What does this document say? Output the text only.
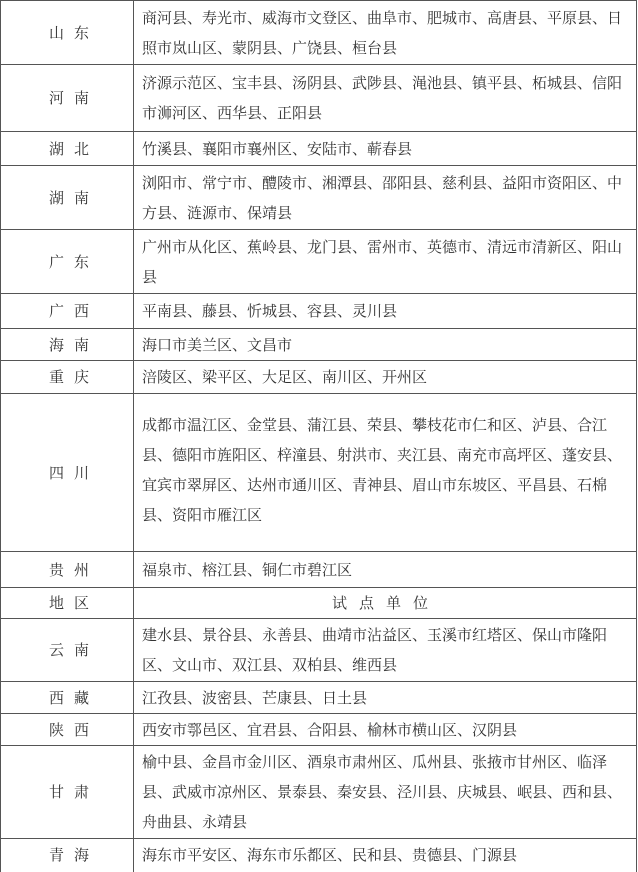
山东	商河县、寿光市、威海市文登区、曲阜市、肥城市、高唐县、平原县、日照市岚山区、蒙阴县、广饶县、桓台县
河南	济源示范区、宝丰县、汤阴县、武陟县、渑池县、镇平县、柘城县、信阳市浉河区、西华县、正阳县
湖北	竹溪县、襄阳市襄州区、安陆市、蕲春县
湖南	浏阳市、常宁市、醴陵市、湘潭县、邵阳县、慈利县、益阳市资阳区、中方县、涟源市、保靖县
广东	广州市从化区、蕉岭县、龙门县、雷州市、英德市、清远市清新区、阳山县
广西	平南县、藤县、忻城县、容县、灵川县
海南	海口市美兰区、文昌市
重庆	涪陵区、梁平区、大足区、南川区、开州区
四川	成都市温江区、金堂县、蒲江县、荣县、攀枝花市仁和区、泸县、合江县、德阳市旌阳区、梓潼县、射洪市、夹江县、南充市高坪区、蓬安县、宜宾市翠屏区、达州市通川区、青神县、眉山市东坡区、平昌县、石棉县、资阳市雁江区
贵州	福泉市、榕江县、铜仁市碧江区
地区	试点单位
云南	建水县、景谷县、永善县、曲靖市沾益区、玉溪市红塔区、保山市隆阳区、文山市、双江县、双柏县、维西县
西藏	江孜县、波密县、芒康县、日土县
陕西	西安市鄠邑区、宜君县、合阳县、榆林市横山区、汉阴县
甘肃	榆中县、金昌市金川区、酒泉市肃州区、瓜州县、张掖市甘州区、临泽县、武威市凉州区、景泰县、秦安县、泾川县、庆城县、岷县、西和县、舟曲县、永靖县
青海	海东市平安区、海东市乐都区、民和县、贵德县、门源县
